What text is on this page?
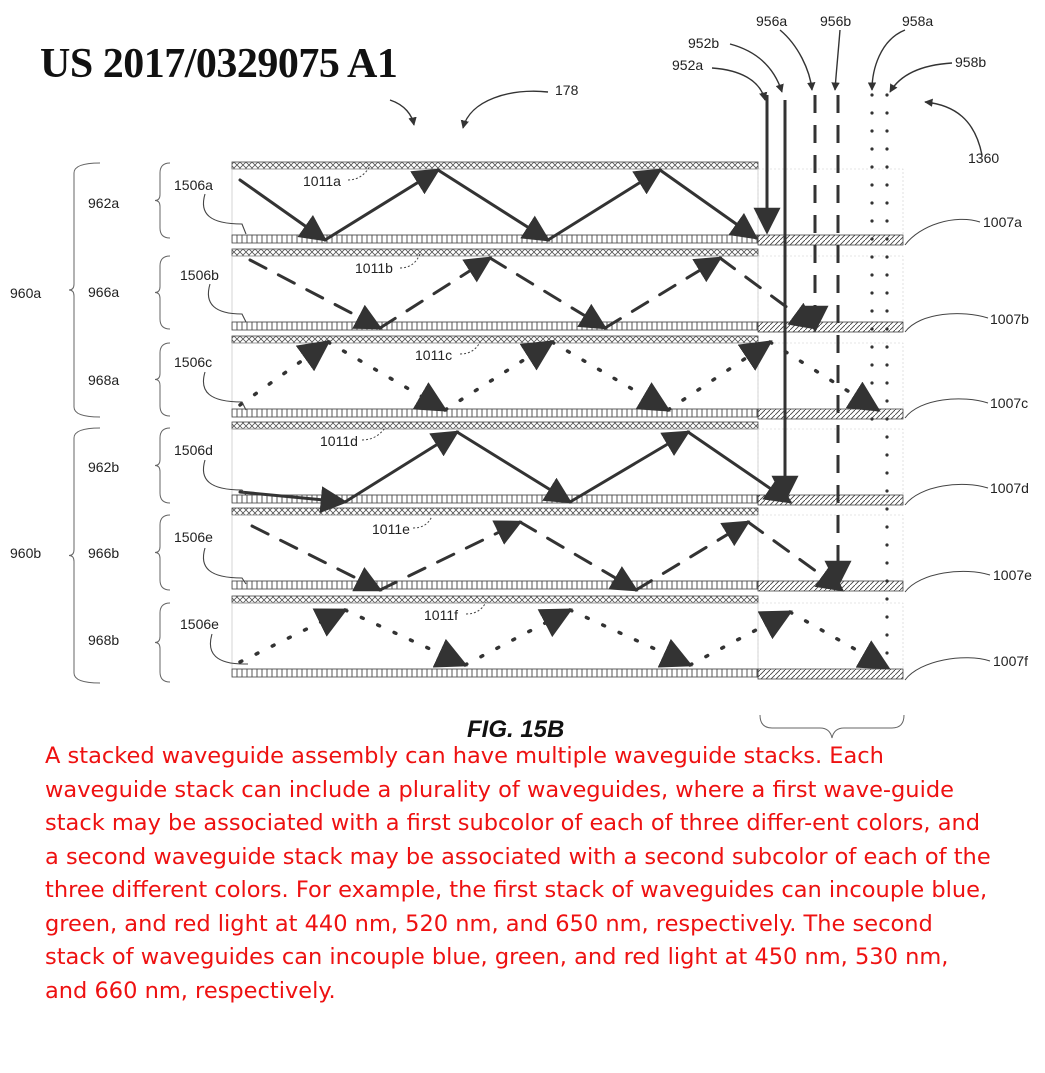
US 2017/0329075 A1
178
1360
960a
960b
962a
966a
968a
962b
966b
968b
1506a
1506b
1506c
1506d
1506e
1506e
1011a
1011b
1011c
1011d
1011e
1011f
1007a
1007b
1007c
1007d
1007e
1007f
952a
952b
956a 956b	958a
958b
FIG. 15B

A stacked waveguide assembly can have multiple waveguide stacks. Each waveguide stack can include a plurality of waveguides, where a first wave-guide stack may be associated with a first subcolor of each of three differ-ent colors, and a second waveguide stack may be associated with a second subcolor of each of the three different colors. For example, the first stack of waveguides can incouple blue, green, and red light at 440 nm, 520 nm, and 650 nm, respectively. The second stack of waveguides can incouple blue, green, and red light at 450 nm, 530 nm, and 660 nm, respectively.
